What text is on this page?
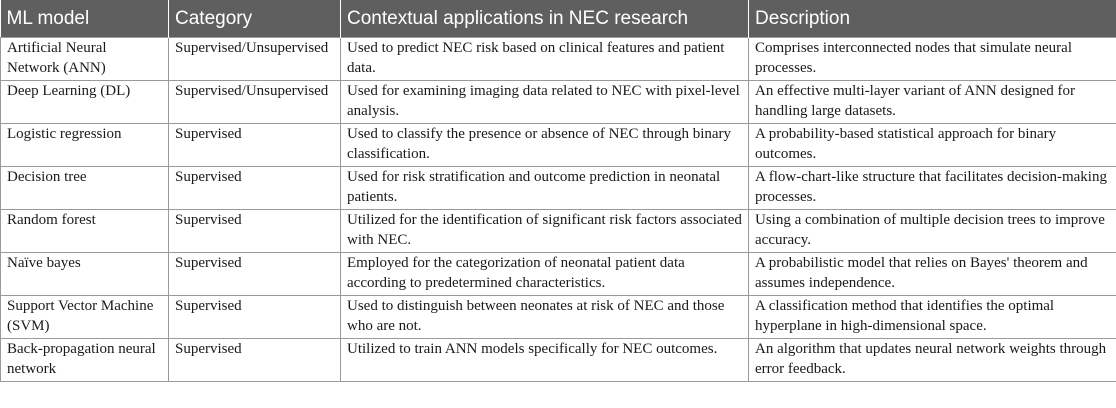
ML model	Category	Contextual applications in NEC research	Description
Artificial Neural Network (ANN)	Supervised/Unsupervised	Used to predict NEC risk based on clinical features and patient data.	Comprises interconnected nodes that simulate neural processes.
Deep Learning (DL)	Supervised/Unsupervised	Used for examining imaging data related to NEC with pixel-level analysis.	An effective multi-layer variant of ANN designed for handling large datasets.
Logistic regression	Supervised	Used to classify the presence or absence of NEC through binary classification.	A probability-based statistical approach for binary outcomes.
Decision tree	Supervised	Used for risk stratification and outcome prediction in neonatal patients.	A flow-chart-like structure that facilitates decision-making processes.
Random forest	Supervised	Utilized for the identification of significant risk factors associated with NEC.	Using a combination of multiple decision trees to improve accuracy.
Naïve bayes	Supervised	Employed for the categorization of neonatal patient data according to predetermined characteristics.	A probabilistic model that relies on Bayes' theorem and assumes independence.
Support Vector Machine (SVM)	Supervised	Used to distinguish between neonates at risk of NEC and those who are not.	A classification method that identifies the optimal hyperplane in high-dimensional space.
Back-propagation neural network	Supervised	Utilized to train ANN models specifically for NEC outcomes.	An algorithm that updates neural network weights through error feedback.
